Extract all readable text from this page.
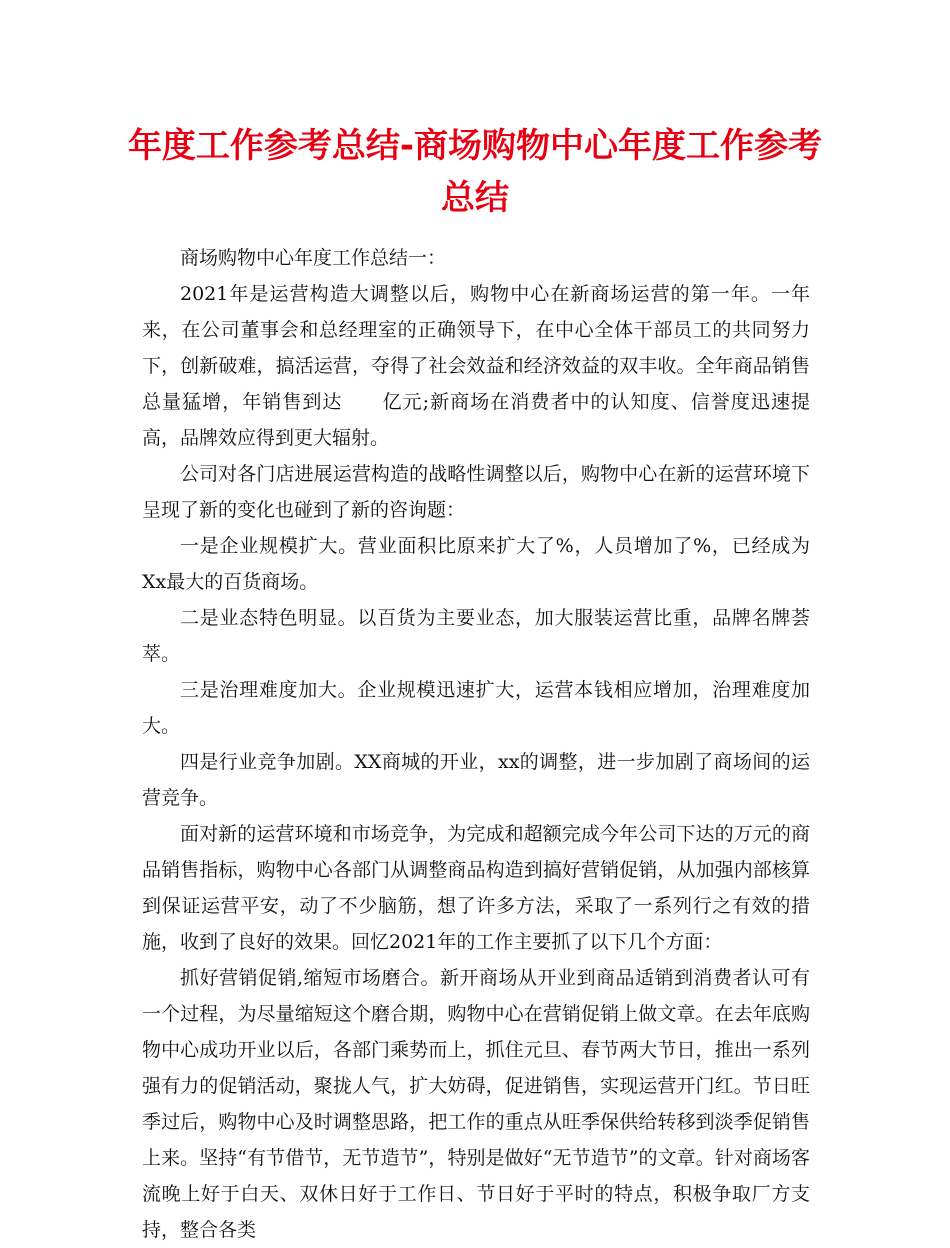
年度工作参考总结-商场购物中心年度工作参考总结

商场购物中心年度工作总结一：

2021年是运营构造大调整以后，购物中心在新商场运营的第一年。一年来，在公司董事会和总经理室的正确领导下，在中心全体干部员工的共同努力下，创新破难，搞活运营，夺得了社会效益和经济效益的双丰收。全年商品销售总量猛增，年销售到达　　亿元;新商场在消费者中的认知度、信誉度迅速提高，品牌效应得到更大辐射。

公司对各门店进展运营构造的战略性调整以后，购物中心在新的运营环境下呈现了新的变化也碰到了新的咨询题：

一是企业规模扩大。营业面积比原来扩大了%，人员增加了%，已经成为Xx最大的百货商场。

二是业态特色明显。以百货为主要业态，加大服装运营比重，品牌名牌荟萃。

三是治理难度加大。企业规模迅速扩大，运营本钱相应增加，治理难度加大。

四是行业竞争加剧。XX商城的开业，xx的调整，进一步加剧了商场间的运营竞争。

面对新的运营环境和市场竞争，为完成和超额完成今年公司下达的万元的商品销售指标，购物中心各部门从调整商品构造到搞好营销促销，从加强内部核算到保证运营平安，动了不少脑筋，想了许多方法，采取了一系列行之有效的措施，收到了良好的效果。回忆2021年的工作主要抓了以下几个方面：

抓好营销促销,缩短市场磨合。新开商场从开业到商品适销到消费者认可有一个过程，为尽量缩短这个磨合期，购物中心在营销促销上做文章。在去年底购物中心成功开业以后，各部门乘势而上，抓住元旦、春节两大节日，推出一系列强有力的促销活动，聚拢人气，扩大妨碍，促进销售，实现运营开门红。节日旺季过后，购物中心及时调整思路，把工作的重点从旺季保供给转移到淡季促销售上来。坚持“有节借节，无节造节”，特别是做好“无节造节”的文章。针对商场客流晚上好于白天、双休日好于工作日、节日好于平时的特点，积极争取厂方支持，整合各类
